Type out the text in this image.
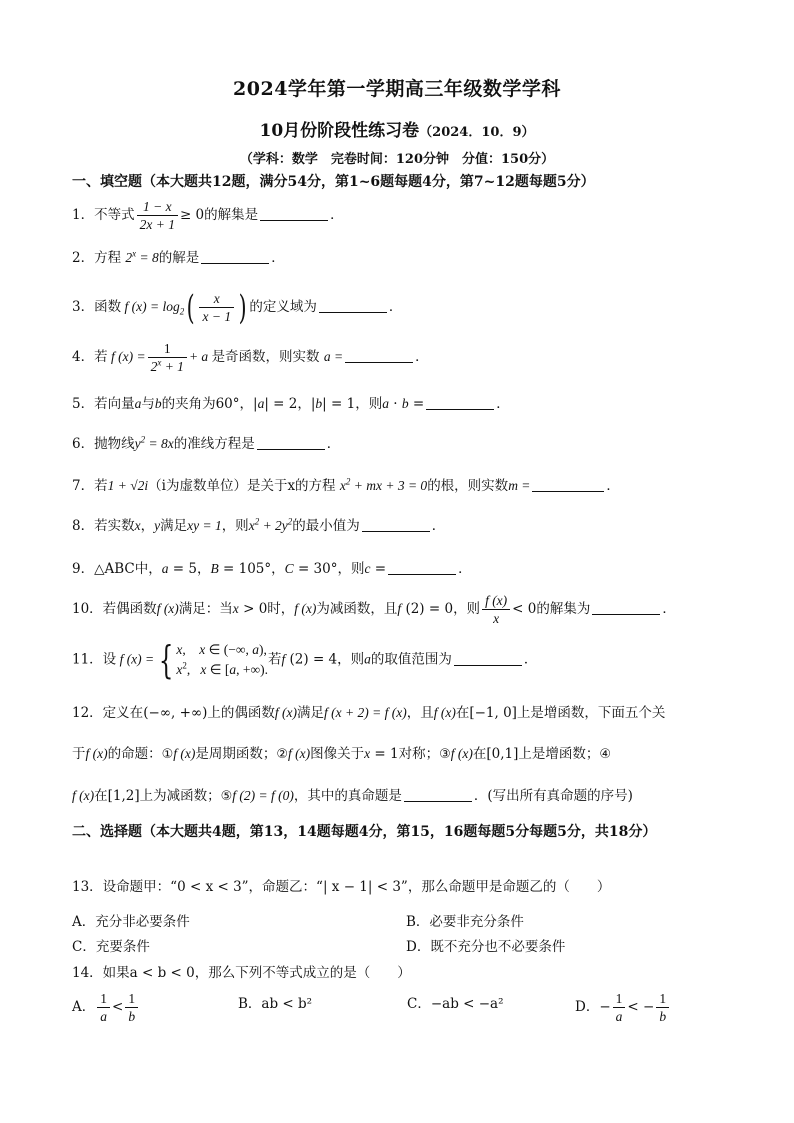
2024学年第一学期高三年级数学学科
10月份阶段性练习卷（2024．10．9）
（学科：数学　完卷时间：120分钟　分值：150分）
一、填空题（本大题共12题，满分54分，第1~6题每题4分，第7~12题每题5分）
1．不等式 $\frac{1 - x}{2x + 1} \ge 0$的解集是	．
2．方程 $2^x = 8$的解是	．
3．函数 f $(x) = \log_2( \frac{x}{x - 1}$ ) 的定义域为	．
4．若 f $(x) = \frac{1}{2^x + 1} + a$ 是奇函数，则实数 a =	．
5．若向量a与b的夹角为60°，|a| = 2，|b| = 1，则a · b =	．
6．抛物线$y^2 = 8x$的准线方程是	．
7．若1 + √2i（i为虚数单位）是关于x的方程 $x^2$ + mx + 3 = 0的根，则实数m =	．
8．若实数x，y满足xy = 1，则$x^2 + 2y^2$的最小值为	．
9．△ABC中，a = 5，B = 105°，C = 30°，则c =	．
10．若偶函数f (x)满足：当x > 0时，f (x)为减函数，且f (2) = 0，则 $\frac{f (x)}{x} < 0$的解集为	．
11．设 f (x) = { x,    x ∈ (−∞, a),
$x^2$,   x ∈ [a, +∞).
若f (2) = 4，则a的取值范围为	．
12．定义在(−∞, +∞)上的偶函数f (x)满足f (x + 2) = f (x)，且f (x)在[−1, 0]上是增函数，下面五个关
于f (x)的命题：①f (x)是周期函数；②f (x)图像关于x = 1对称；③f (x)在[0,1]上是增函数；④
f (x)在[1,2]上为减函数；⑤f (2) = f (0)，其中的真命题是	．(写出所有真命题的序号)
二、选择题（本大题共4题，第13，14题每题4分，第15，16题每题5分每题5分，共18分）
13．设命题甲：“0 < x < 3”，命题乙：“| x − 1| < 3”，那么命题甲是命题乙的（　　）
A．充分非必要条件	B．必要非充分条件
C．充要条件	D．既不充分也不必要条件
14．如果a < b < 0，那么下列不等式成立的是（　　）
A． $\frac{1}{a} < \frac{1}{b}$	B．ab < b²	C．−ab < −a²	D．− $\frac{1}{a}$ < − $\frac{1}{b}$
